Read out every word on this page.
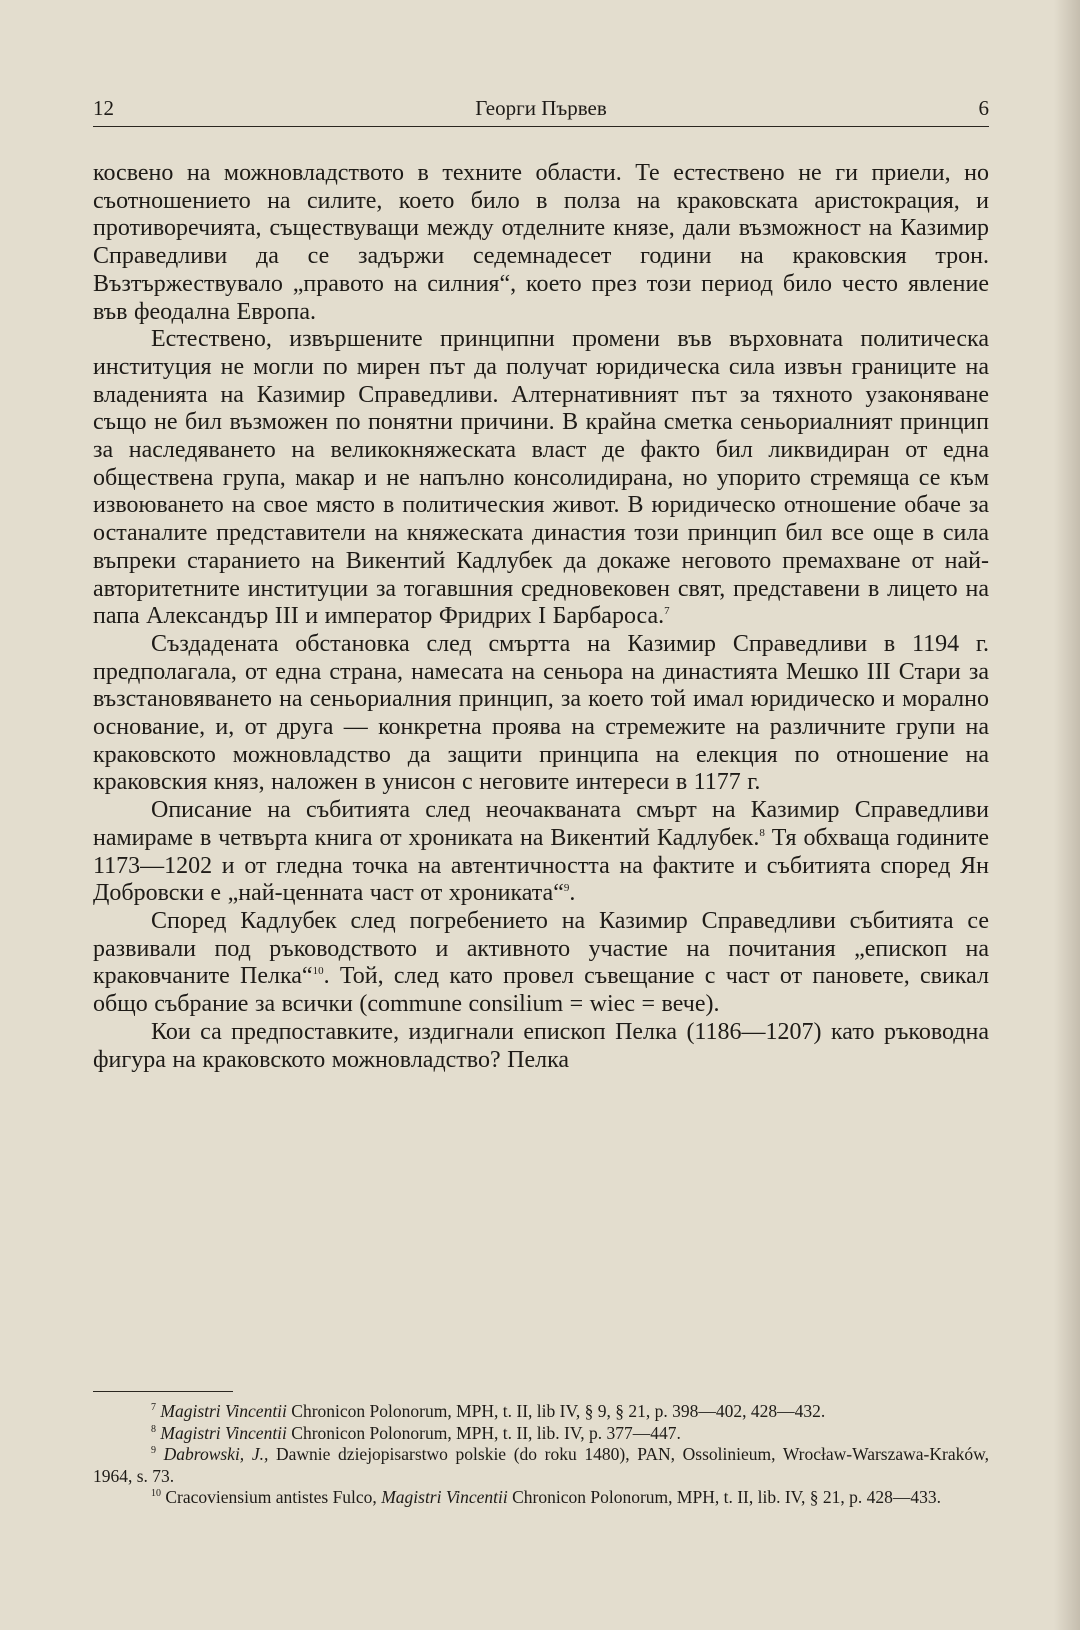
12	Георги Първев	6

косвено на можновладството в техните области. Те естествено не ги приели, но съотношението на силите, което било в полза на краковската аристокрация, и противоречията, съществуващи между отделните князе, дали възможност на Казимир Справедливи да се задържи седемнадесет години на краковския трон. Възтържествувало „правото на силния“, което през този период било често явление във феодална Европа.

Естествено, извършените принципни промени във върховната политическа институция не могли по мирен път да получат юридическа сила извън границите на владенията на Казимир Справедливи. Алтернативният път за тяхното узаконяване също не бил възможен по понятни причини. В крайна сметка сеньориалният принцип за наследяването на великокняжеската власт де факто бил ликвидиран от една обществена група, макар и не напълно консолидирана, но упорито стремяща се към извоюването на свое място в политическия живот. В юридическо отношение обаче за останалите представители на княжеската династия този принцип бил все още в сила въпреки старанието на Викентий Кадлубек да докаже неговото премахване от най-авторитетните институции за тогавшния средновековен свят, представени в лицето на папа Александър III и император Фридрих I Барбароса.$^7$

Създадената обстановка след смъртта на Казимир Справедливи в 1194 г. предполагала, от една страна, намесата на сеньора на династията Мешко III Стари за възстановяването на сеньориалния принцип, за което той имал юридическо и морално основание, и, от друга — конкретна проява на стремежите на различните групи на краковското можновладство да защити принципа на елекция по отношение на краковския княз, наложен в унисон с неговите интереси в 1177 г.

Описание на събитията след неочакваната смърт на Казимир Справедливи намираме в четвърта книга от хрониката на Викентий Кадлубек.$^8$ Тя обхваща годините 1173—1202 и от гледна точка на автентичността на фактите и събитията според Ян Добровски е „най-ценната част от хрониката“$^9$.

Според Кадлубек след погребението на Казимир Справедливи събитията се развивали под ръководството и активното участие на почитания „епископ на краковчаните Пелка“$^{10}$. Той, след като провел съвещание с част от пановете, свикал общо събрание за всички (commune consilium = wiec = вече).

Кои са предпоставките, издигнали епископ Пелка (1186—1207) като ръководна фигура на краковското можновладство? Пелка

$^7$ Magistri Vincentii Chronicon Polonorum, MPH, t. II, lib IV, § 9, § 21, p. 398—402, 428—432.

$^8$ Magistri Vincentii Chronicon Polonorum, MPH, t. II, lib. IV, p. 377—447.

$^9$ Dabrowski, J., Dawnie dziejopisarstwo polskie (do roku 1480), PAN, Ossolinieum, Wrocław-Warszawa-Kraków, 1964, s. 73.

$^{10}$ Cracoviensium antistes Fulco, Magistri Vincentii Chronicon Polonorum, MPH, t. II, lib. IV, § 21, p. 428—433.
